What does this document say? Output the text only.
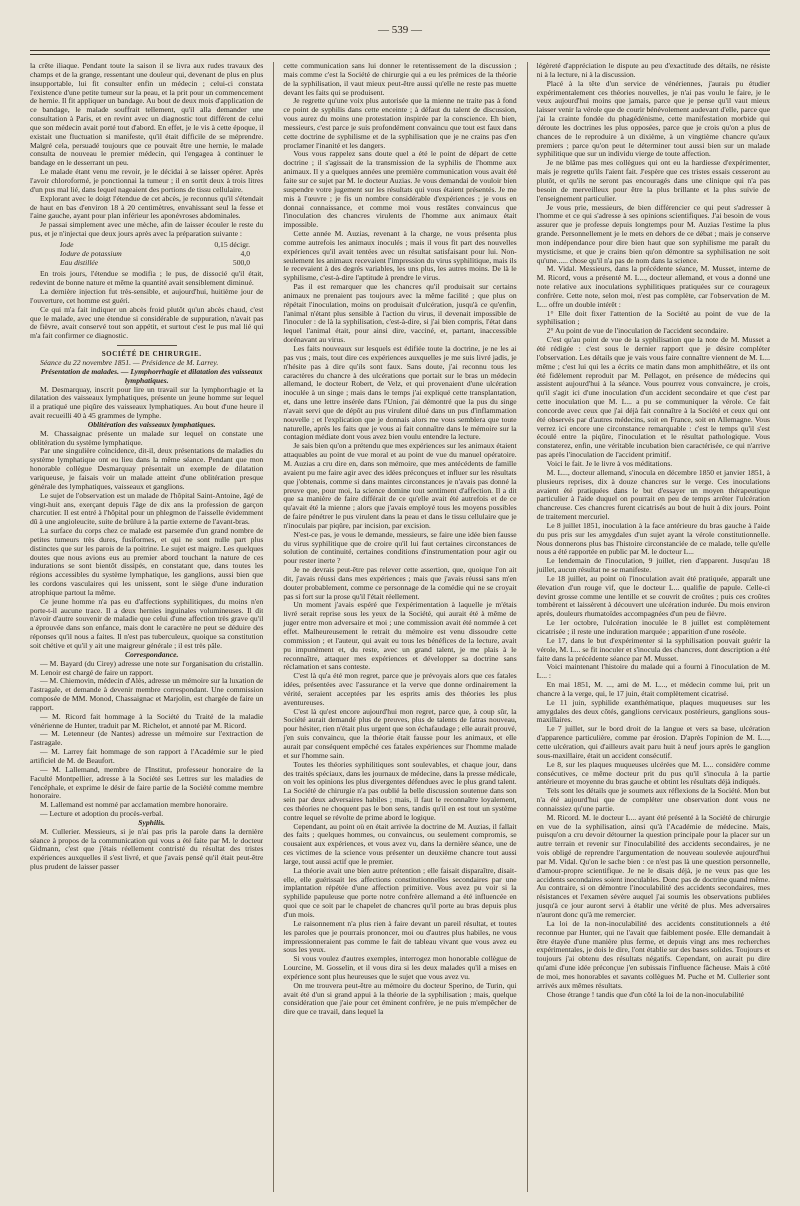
— 539 —

la crête iliaque. Pendant toute la saison il se livra aux rudes travaux des champs et de la grange, ressentant une douleur qui, devenant de plus en plus insupportable, lui fit consulter enfin un médecin ; celui-ci constata l'existence d'une petite tumeur sur la peau, et la prit pour un commencement de hernie. Il fit appliquer un bandage. Au bout de deux mois d'application de ce bandage, le malade souffrait tellement, qu'il alla demander une consultation à Paris, et en revint avec un diagnostic tout différent de celui que son médecin avait porté tout d'abord. En effet, je le vis à cette époque, il existait une fluctuation si manifeste, qu'il était difficile de se méprendre. Malgré cela, persuadé toujours que ce pouvait être une hernie, le malade consulta de nouveau le premier médecin, qui l'engagea à continuer le bandage en le desserrant un peu.

Le malade étant venu me revoir, je le décidai à se laisser opérer. Après l'avoir chloroformé, je ponctionnai la tumeur ; il en sortit deux à trois litres d'un pus mal lié, dans lequel nageaient des portions de tissu cellulaire.

Explorant avec le doigt l'étendue de cet abcès, je reconnus qu'il s'étendait de haut en bas d'environ 18 à 20 centimètres, envahissant seul la fesse et l'aine gauche, ayant pour plan inférieur les aponévroses abdominales.

Je passai simplement avec une mèche, afin de laisser écouler le reste du pus, et je n'injectai que deux jours après avec la préparation suivante :

Iode	0,15 décigr.
Iodure de potassium	4,0
Eau distillée	500,0

En trois jours, l'étendue se modifia ; le pus, de dissocié qu'il était, redevint de bonne nature et même la quantité avait sensiblement diminué.

La dernière injection fut très-sensible, et aujourd'hui, huitième jour de l'ouverture, cet homme est guéri.

Ce qui m'a fait indiquer un abcès froid plutôt qu'un abcès chaud, c'est que le malade, avec une étendue si considérable de suppuration, n'avait pas de fièvre, avait conservé tout son appétit, et surtout c'est le pus mal lié qui m'a fait confirmer ce diagnostic.

SOCIÉTÉ DE CHIRURGIE.

Séance du 22 novembre 1851. — Présidence de M. Larrey.

Présentation de malades. — Lymphorrhagie et dilatation des vaisseaux lymphatiques.

M. Desmarquay, inscrit pour lire un travail sur la lymphorrhagie et la dilatation des vaisseaux lymphatiques, présente un jeune homme sur lequel il a pratiqué une piqûre des vaisseaux lymphatiques. Au bout d'une heure il avait recueilli 40 à 45 grammes de lymphe.

Oblitération des vaisseaux lymphatiques.

M. Chassaignac présente un malade sur lequel on constate une oblitération du système lymphatique.

Par une singulière coïncidence, dit-il, deux présentations de maladies du système lymphatique ont eu lieu dans la même séance. Pendant que mon honorable collègue Desmarquay présentait un exemple de dilatation variqueuse, je faisais voir un malade atteint d'une oblitération presque générale des lymphatiques, vaisseaux et ganglions.

Le sujet de l'observation est un malade de l'hôpital Saint-Antoine, âgé de vingt-huit ans, exerçant depuis l'âge de dix ans la profession de garçon charcutier. Il est entré à l'hôpital pour un phlegmon de l'aisselle évidemment dû à une angioleucite, suite de brûlure à la partie externe de l'avant-bras.

La surface du corps chez ce malade est parsemée d'un grand nombre de petites tumeurs très dures, fusiformes, et qui ne sont nulle part plus distinctes que sur les parois de la poitrine. Le sujet est maigre. Les quelques doutes que nous avions eus au premier abord touchant la nature de ces indurations se sont bientôt dissipés, en constatant que, dans toutes les régions accessibles du système lymphatique, les ganglions, aussi bien que les cordons vasculaires qui les unissent, sont le siège d'une induration atrophique partout la même.

Ce jeune homme n'a pas eu d'affections syphilitiques, du moins n'en porte-t-il aucune trace. Il a deux hernies inguinales volumineuses. Il dit n'avoir d'autre souvenir de maladie que celui d'une affection très grave qu'il a éprouvée dans son enfance, mais dont le caractère ne peut se déduire des réponses qu'il nous a faites. Il n'est pas tuberculeux, quoique sa constitution soit chétive et qu'il y ait une maigreur générale ; il est très pâle.

Correspondance.

— M. Bayard (du Cirey) adresse une note sur l'organisation du cristallin. M. Lenoir est chargé de faire un rapport.

— M. Chiemovin, médecin d'Alès, adresse un mémoire sur la luxation de l'astragale, et demande à devenir membre correspondant. Une commission composée de MM. Monod, Chassaignac et Marjolin, est chargée de faire un rapport.

— M. Ricord fait hommage à la Société du Traité de la maladie vénérienne de Hunter, traduit par M. Richelot, et annoté par M. Ricord.

— M. Letenneur (de Nantes) adresse un mémoire sur l'extraction de l'astragale.

— M. Larrey fait hommage de son rapport à l'Académie sur le pied artificiel de M. de Beaufort.

— M. Lallemand, membre de l'Institut, professeur honoraire de la Faculté Montpellier, adresse à la Société ses Lettres sur les maladies de l'encéphale, et exprime le désir de faire partie de la Société comme membre honoraire.

M. Lallemand est nommé par acclamation membre honoraire.

— Lecture et adoption du procès-verbal.

Syphilis.

M. Cullerier. Messieurs, si je n'ai pas pris la parole dans la dernière séance à propos de la communication qui vous a été faite par M. le docteur Gidmann, c'est que j'étais réellement contristé du résultat des tristes expériences auxquelles il s'est livré, et que j'avais pensé qu'il était peut-être plus prudent de laisser passer

cette communication sans lui donner le retentissement de la discussion ; mais comme c'est la Société de chirurgie qui a eu les prémices de la théorie de la syphilisation, il vaut mieux peut-être aussi qu'elle ne reste pas muette devant les faits qui se produisent.

Je regrette qu'une voix plus autorisée que la mienne ne traite pas à fond ce point de syphilis dans cette enceinte ; à défaut du talent de discussion, vous aurez du moins une protestation inspirée par la conscience. Eh bien, messieurs, c'est parce je suis profondément convaincu que tout est faux dans cette doctrine de syphilisme et de la syphilisation que je ne crains pas d'en proclamer l'inanité et les dangers.

Vous vous rappelez sans doute quel a été le point de départ de cette doctrine ; il s'agissait de la transmission de la syphilis de l'homme aux animaux. Il y a quelques années une première communication vous avait été faite sur ce sujet par M. le docteur Auzias. Je vous demandai de vouloir bien suspendre votre jugement sur les résultats qui vous étaient présentés. Je me mis à l'œuvre ; je fis un nombre considérable d'expériences ; je vous en donnai connaissance, et comme moi vous restâtes convaincus que l'inoculation des chancres virulents de l'homme aux animaux était impossible.

Cette année M. Auzias, revenant à la charge, ne vous présenta plus comme autrefois les animaux inoculés ; mais il vous fit part des nouvelles expériences qu'il avait tentées avec un résultat satisfaisant pour lui. Non-seulement les animaux recevaient l'impression du virus syphilitique, mais ils le recevaient à des degrés variables, les uns plus, les autres moins. De là le syphilisme, c'est-à-dire l'aptitude à prendre le virus.

Pas il est remarquer que les chancres qu'il produisait sur certains animaux ne prenaient pas toujours avec la même facilité ; que plus on répétait l'inoculation, moins on produisait d'ulcération, jusqu'à ce qu'enfin, l'animal n'étant plus sensible à l'action du virus, il devenait impossible de l'inoculer : de là la syphilisation, c'est-à-dire, si j'ai bien compris, l'état dans lequel l'animal était, pour ainsi dire, vacciné, et, partant, inaccessible dorénavant au virus.

Les faits nouveaux sur lesquels est édifiée toute la doctrine, je ne les ai pas vus ; mais, tout dire ces expériences auxquelles je me suis livré jadis, je n'hésite pas à dire qu'ils sont faux. Sans doute, j'ai reconnu tous les caractères du chancre à des ulcérations que portait sur le bras un médecin allemand, le docteur Robert, de Velz, et qui provenaient d'une ulcération inoculée à un singe ; mais dans le temps j'ai expliqué cette transplantation, et, dans une lettre insérée dans l'Union, j'ai démontré que la pus du singe n'avait servi que de dépôt au pus virulent dilué dans un pus d'inflammation nouvelle ; et l'explication que je donnais alors me vous semblera que toute naturelle, après les faits que je vous ai fait connaître dans le mémoire sur la contagion médiate dont vous avez bien voulu entendre la lecture.

Je sais bien qu'on a prétendu que mes expériences sur les animaux étaient attaquables au point de vue moral et au point de vue du manuel opératoire. M. Auzias a cru dire en, dans son mémoire, que mes antécédents de famille avaient pu me faire agir avec des idées préconçues et influer sur les résultats que j'obtenais, comme si dans maintes circonstances je n'avais pas donné la preuve que, pour moi, la science domine tout sentiment d'affection. Il a dit que sa manière de faire différait de ce qu'elle avait été autrefois et de ce qu'avait été la mienne ; alors que j'avais employé tous les moyens possibles de faire pénétrer le pus virulent dans la peau et dans le tissu cellulaire que je n'inoculais par piqûre, par incision, par excision.

N'est-ce pas, je vous le demande, messieurs, se faire une idée bien fausse du virus syphilitique que de croire qu'il lui faut certaines circonstances de solution de continuité, certaines conditions d'instrumentation pour agir ou pour rester inerte ?

Je ne devrais peut-être pas relever cette assertion, que, quoique l'on ait dit, j'avais réussi dans mes expériences ; mais que j'avais réussi sans m'en douter probablement, comme ce personnage de la comédie qui ne se croyait pas si fort sur la prose qu'il l'était réellement.

Un moment j'avais espéré que l'expérimentation à laquelle je m'étais livré serait reprise sous les yeux de la Société, qui aurait été à même de juger entre mon adversaire et moi ; une commission avait été nommée à cet effet. Malheureusement le retrait du mémoire est venu dissoudre cette commission ; et l'auteur, qui avait eu tous les bénéfices de la lecture, avait pu impunément et, du reste, avec un grand talent, je me plais à le reconnaître, attaquer mes expériences et développer sa doctrine sans réclamation et sans conteste.

C'est là qu'a été mon regret, parce que je prévoyais alors que ces fatales idées, présentées avec l'assurance et la verve que donne ordinairement la vérité, seraient acceptées par les esprits amis des théories les plus aventureuses.

C'est là qu'est encore aujourd'hui mon regret, parce que, à coup sûr, la Société aurait demandé plus de preuves, plus de talents de fatras nouveau, pour hésiter, rien n'était plus urgent que son échafaudage ; elle aurait prouvé, j'en suis convaincu, que la théorie était fausse pour les animaux, et elle aurait par conséquent empêché ces fatales expériences sur l'homme malade et sur l'homme sain.

Toutes les théories syphilitiques sont soulevables, et chaque jour, dans des traités spéciaux, dans les journaux de médecine, dans la presse médicale, on voit les opinions les plus divergentes défendues avec le plus grand talent. La Société de chirurgie n'a pas oublié la belle discussion soutenue dans son sein par deux adversaires habiles ; mais, il faut le reconnaître loyalement, ces théories ne choquent pas le bon sens, tandis qu'il en est tout un système contre lequel se révolte de prime abord le logique.

Cependant, au point où en était arrivée la doctrine de M. Auzias, il fallait des faits ; quelques hommes, ou convaincus, ou seulement compromis, se cousaient aux expériences, et vous avez vu, dans la dernière séance, une de ces victimes de la science vous présenter un deuxième chancre tout aussi large, tout aussi actif que le premier.

La théorie avait une bien autre prétention ; elle faisait disparaître, disait-elle, elle guérissait les affections constitutionnelles secondaires par une implantation répétée d'une affection primitive. Vous avez pu voir si la syphilide papuleuse que porte notre confrère allemand a été influencée en quoi que ce soit par le chapelet de chancres qu'il porte au bras depuis plus d'un mois.

Le raisonnement n'a plus rien à faire devant un pareil résultat, et toutes les paroles que je pourrais prononcer, moi ou d'autres plus habiles, ne vous impressionneraient pas comme le fait de tableau vivant que vous avez eu sous les yeux.

Si vous voulez d'autres exemples, interrogez mon honorable collègue de Lourcine, M. Gosselin, et il vous dira si les deux malades qu'il a mises en expérience sont plus heureuses que le sujet que vous avez vu.

On me trouvera peut-être au mémoire du docteur Sperino, de Turin, qui avait été d'un si grand appui à la théorie de la syphilisation ; mais, quelque considération que j'aie pour cet éminent confrère, je ne puis m'empêcher de dire que ce travail, dans lequel la

légèreté d'appréciation le dispute au peu d'exactitude des détails, ne résiste ni à la lecture, ni à la discussion.

Placé à la tête d'un service de vénériennes, j'aurais pu étudier expérimentalement ces théories nouvelles, je n'ai pas voulu le faire, je le veux aujourd'hui moins que jamais, parce que je pense qu'il vaut mieux laisser venir la vérole que de courir bénévolement audevant d'elle, parce que j'ai la crainte fondée du phagédénisme, cette manifestation morbide qui déroute les doctrines les plus opposées, parce que je crois qu'on a plus de chances de le reproduire à un dixième, à un vingtième chancre qu'aux premiers ; parce qu'on peut le déterminer tout aussi bien sur un malade syphilitique que sur un individu vierge de toute affection.

Je ne blâme pas mes collègues qui ont eu la hardiesse d'expérimenter, mais je regrette qu'ils l'aient fait. J'espère que ces tristes essais cesseront au plutôt, et qu'ils ne seront pas encouragés dans une clinique qui n'a pas besoin de merveilleux pour être la plus brillante et la plus suivie de l'enseignement particulier.

Je vous prie, messieurs, de bien différencier ce qui peut s'adresser à l'homme et ce qui s'adresse à ses opinions scientifiques. J'ai besoin de vous assurer que je professe depuis longtemps pour M. Auzias l'estime la plus grande. Personnellement je le mets en dehors de ce débat ; mais je conserve mon indépendance pour dire bien haut que son syphilisme me paraît du mysticisme, et que je crains bien qu'on démontre sa syphilisation ne soit qu'une...... chose qu'il n'a pas de nom dans la science.

M. Vidal. Messieurs, dans la précédente séance, M. Musset, interne de M. Ricord, vous a présenté M. L..., docteur allemand, et vous a donné une note relative aux inoculations syphilitiques pratiquées sur ce courageux confrère. Cette note, selon moi, n'est pas complète, car l'observation de M. L... offre un double intérêt :

1° Elle doit fixer l'attention de la Société au point de vue de la syphilisation ;

2° Au point de vue de l'inoculation de l'accident secondaire.

C'est qu'au point de vue de la syphilisation que la note de M. Musset a été rédigée : c'est sous le dernier rapport que je désire compléter l'observation. Les détails que je vais vous faire connaître viennent de M. L... même ; c'est lui qui les a écrits ce matin dans mon amphithéâtre, et ils ont été fidèlement reproduit par M. Pellagot, en présence de médecins qui assistent aujourd'hui à la séance. Vous pourrez vous convaincre, je crois, qu'il s'agit ici d'une inoculation d'un accident secondaire et que c'est par cette inoculation que M. L... a pu se communiquer la vérole. Ce fait concorde avec ceux que j'ai déjà fait connaître à la Société et ceux qui ont été observés par d'autres médecins, soit en France, soit en Allemagne. Vous verrez ici encore une circonstance remarquable : c'est le temps qu'il s'est écoulé entre la piqûre, l'inoculation et le résultat pathologique. Vous constaterez, enfin, une véritable incubation bien caractérisée, ce qui n'arrive pas après l'inoculation de l'accident primitif.

Voici le fait. Je le livre à vos méditations.

M. L..., docteur allemand, s'inocula en décembre 1850 et janvier 1851, à plusieurs reprises, dix à douze chancres sur le verge. Ces inoculations avaient été pratiquées dans le but d'essayer un moyen thérapeutique particulier à l'aide duquel on pourrait en peu de temps arrêter l'ulcération chancreuse. Ces chancres furent cicatrisés au bout de huit à dix jours. Point de traitement mercuriel.

Le 8 juillet 1851, inoculation à la face antérieure du bras gauche à l'aide du pus pris sur les amygdales d'un sujet ayant la vérole constitutionnelle. Nous donnerons plus bas l'histoire circonstanciée de ce malade, telle qu'elle nous a été rapportée en public par M. le docteur L...

Le lendemain de l'inoculation, 9 juillet, rien d'apparent. Jusqu'au 18 juillet, aucun résultat ne se manifeste.

Le 18 juillet, au point où l'inoculation avait été pratiquée, apparaît une élevation d'un rouge vif, que le docteur L... qualifie de papule. Celle-ci devint grosse comme une lentille et se couvrit de croûtes ; puis ces croûtes tombèrent et laissèrent à découvert une ulcération indurée. Du mois environ après, douleurs rhumatoïdes accompagnées d'un peu de fièvre.

Le 1er octobre, l'ulcération inoculée le 8 juillet est complètement cicatrisée ; il reste une induration marquée ; apparition d'une roséole.

Le 17, dans le but d'expérimenter si la syphilisation pouvait guérir la vérole, M. L... se fit inoculer et s'inocula des chancres, dont description a été faite dans la précédente séance par M. Musset.

Voici maintenant l'histoire du malade qui a fourni à l'inoculation de M. L... :

En mai 1851, M. ..., ami de M. L..., et médecin comme lui, prit un chancre à la verge, qui, le 17 juin, était complètement cicatrisé.

Le 11 juin, syphilide exanthématique, plaques muqueuses sur les amygdales des deux côtés, ganglions cervicaux postérieurs, ganglions sous-maxillaires.

Le 7 juillet, sur le bord droit de la langue et vers sa base, ulcération d'apparence particulière, comme par érosion. D'après l'opinion de M. L..., cette ulcération, qui d'ailleurs avait paru huit à neuf jours après le ganglion sous-maxillaire, était un accident consécutif.

Le 8, sur les plaques muqueuses ulcérées que M. L... considère comme consécutives, ce même docteur prit du pus qu'il s'inocula à la partie antérieure et moyenne du bras gauche et obtint les résultats déjà indiqués.

Tels sont les détails que je soumets aux réflexions de la Société. Mon but n'a été aujourd'hui que de compléter une observation dont vous ne connaissiez qu'une partie.

M. Ricord. M. le docteur L... ayant été présenté à la Société de chirurgie en vue de la syphilisation, ainsi qu'à l'Académie de médecine. Mais, puisqu'on a cru devoir détourner la question principale pour la placer sur un autre terrain et revenir sur l'inoculabilité des accidents secondaires, je ne vois obligé de reprendre l'argumentation de nouveau soulevée aujourd'hui par M. Vidal. Qu'on le sache bien : ce n'est pas là une question personnelle, d'amour-propre scientifique. Je ne le disais déjà, je ne veux pas que les accidents secondaires soient inoculables. Donc pas de doctrine quand même. Au contraire, si on démontre l'inoculabilité des accidents secondaires, mes résistances et l'examen sévère auquel j'ai soumis les observations publiées jusqu'à ce jour auront servi à établir une vérité de plus. Mes adversaires n'auront donc qu'à me remercier.

La loi de la non-inoculabilité des accidents constitutionnels a été reconnue par Hunter, qui ne l'avait que faiblement posée. Elle demandait à être étayée d'une manière plus ferme, et depuis vingt ans mes recherches expérimentales, je dois le dire, l'ont établie sur des bases solides. Toujours et toujours j'ai obtenu des résultats négatifs. Cependant, on aurait pu dire qu'ami d'une idée préconçue j'en subissais l'influence fâcheuse. Mais à côté de moi, mes honorables et savants collègues M. Puche et M. Cullerier sont arrivés aux mêmes résultats.

Chose étrange ! tandis que d'un côté la loi de la non-inoculabilité
